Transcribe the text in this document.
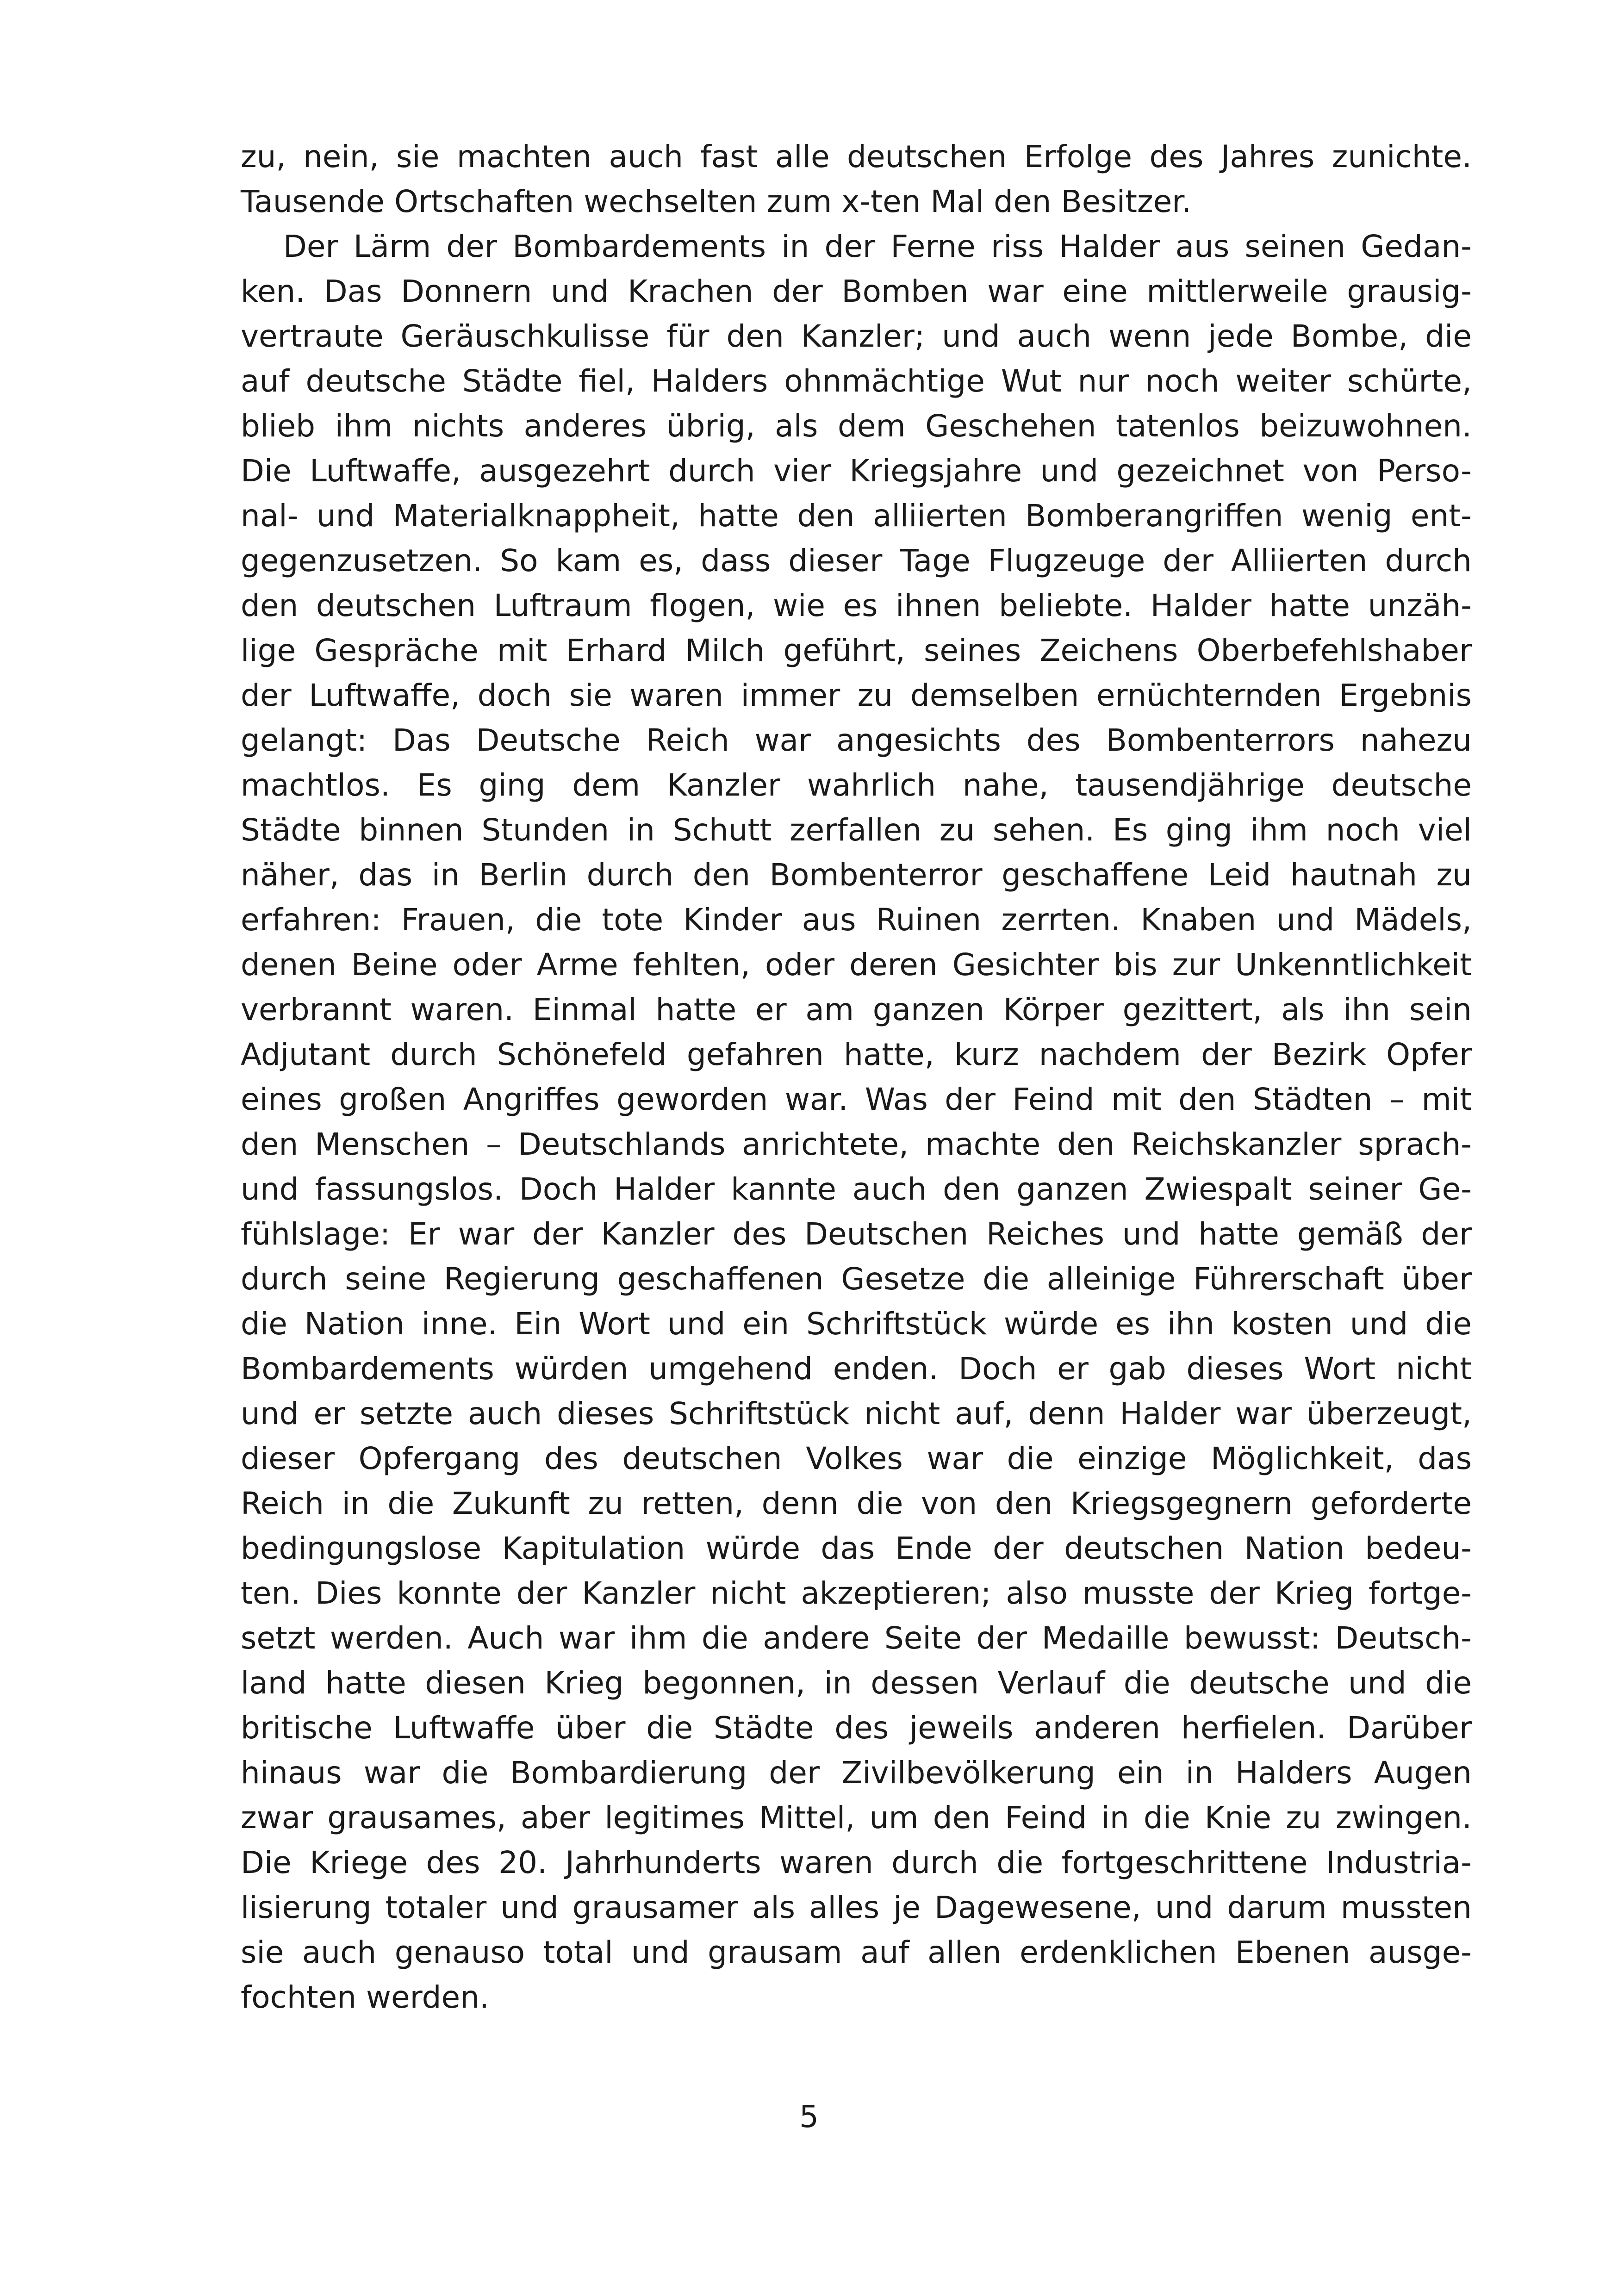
zu, nein, sie machten auch fast alle deutschen Erfolge des Jahres zunichte.
Tausende Ortschaften wechselten zum x-ten Mal den Besitzer.
Der Lärm der Bombardements in der Ferne riss Halder aus seinen Gedan-
ken. Das Donnern und Krachen der Bomben war eine mittlerweile grausig-
vertraute Geräuschkulisse für den Kanzler; und auch wenn jede Bombe, die
auf deutsche Städte fiel, Halders ohnmächtige Wut nur noch weiter schürte,
blieb ihm nichts anderes übrig, als dem Geschehen tatenlos beizuwohnen.
Die Luftwaffe, ausgezehrt durch vier Kriegsjahre und gezeichnet von Perso-
nal- und Materialknappheit, hatte den alliierten Bomberangriffen wenig ent-
gegenzusetzen. So kam es, dass dieser Tage Flugzeuge der Alliierten durch
den deutschen Luftraum flogen, wie es ihnen beliebte. Halder hatte unzäh-
lige Gespräche mit Erhard Milch geführt, seines Zeichens Oberbefehlshaber
der Luftwaffe, doch sie waren immer zu demselben ernüchternden Ergebnis
gelangt: Das Deutsche Reich war angesichts des Bombenterrors nahezu
machtlos. Es ging dem Kanzler wahrlich nahe, tausendjährige deutsche
Städte binnen Stunden in Schutt zerfallen zu sehen. Es ging ihm noch viel
näher, das in Berlin durch den Bombenterror geschaffene Leid hautnah zu
erfahren: Frauen, die tote Kinder aus Ruinen zerrten. Knaben und Mädels,
denen Beine oder Arme fehlten, oder deren Gesichter bis zur Unkenntlichkeit
verbrannt waren. Einmal hatte er am ganzen Körper gezittert, als ihn sein
Adjutant durch Schönefeld gefahren hatte, kurz nachdem der Bezirk Opfer
eines großen Angriffes geworden war. Was der Feind mit den Städten – mit
den Menschen – Deutschlands anrichtete, machte den Reichskanzler sprach-
und fassungslos. Doch Halder kannte auch den ganzen Zwiespalt seiner Ge-
fühlslage: Er war der Kanzler des Deutschen Reiches und hatte gemäß der
durch seine Regierung geschaffenen Gesetze die alleinige Führerschaft über
die Nation inne. Ein Wort und ein Schriftstück würde es ihn kosten und die
Bombardements würden umgehend enden. Doch er gab dieses Wort nicht
und er setzte auch dieses Schriftstück nicht auf, denn Halder war überzeugt,
dieser Opfergang des deutschen Volkes war die einzige Möglichkeit, das
Reich in die Zukunft zu retten, denn die von den Kriegsgegnern geforderte
bedingungslose Kapitulation würde das Ende der deutschen Nation bedeu-
ten. Dies konnte der Kanzler nicht akzeptieren; also musste der Krieg fortge-
setzt werden. Auch war ihm die andere Seite der Medaille bewusst: Deutsch-
land hatte diesen Krieg begonnen, in dessen Verlauf die deutsche und die
britische Luftwaffe über die Städte des jeweils anderen herfielen. Darüber
hinaus war die Bombardierung der Zivilbevölkerung ein in Halders Augen
zwar grausames, aber legitimes Mittel, um den Feind in die Knie zu zwingen.
Die Kriege des 20. Jahrhunderts waren durch die fortgeschrittene Industria-
lisierung totaler und grausamer als alles je Dagewesene, und darum mussten
sie auch genauso total und grausam auf allen erdenklichen Ebenen ausge-
fochten werden.
5
